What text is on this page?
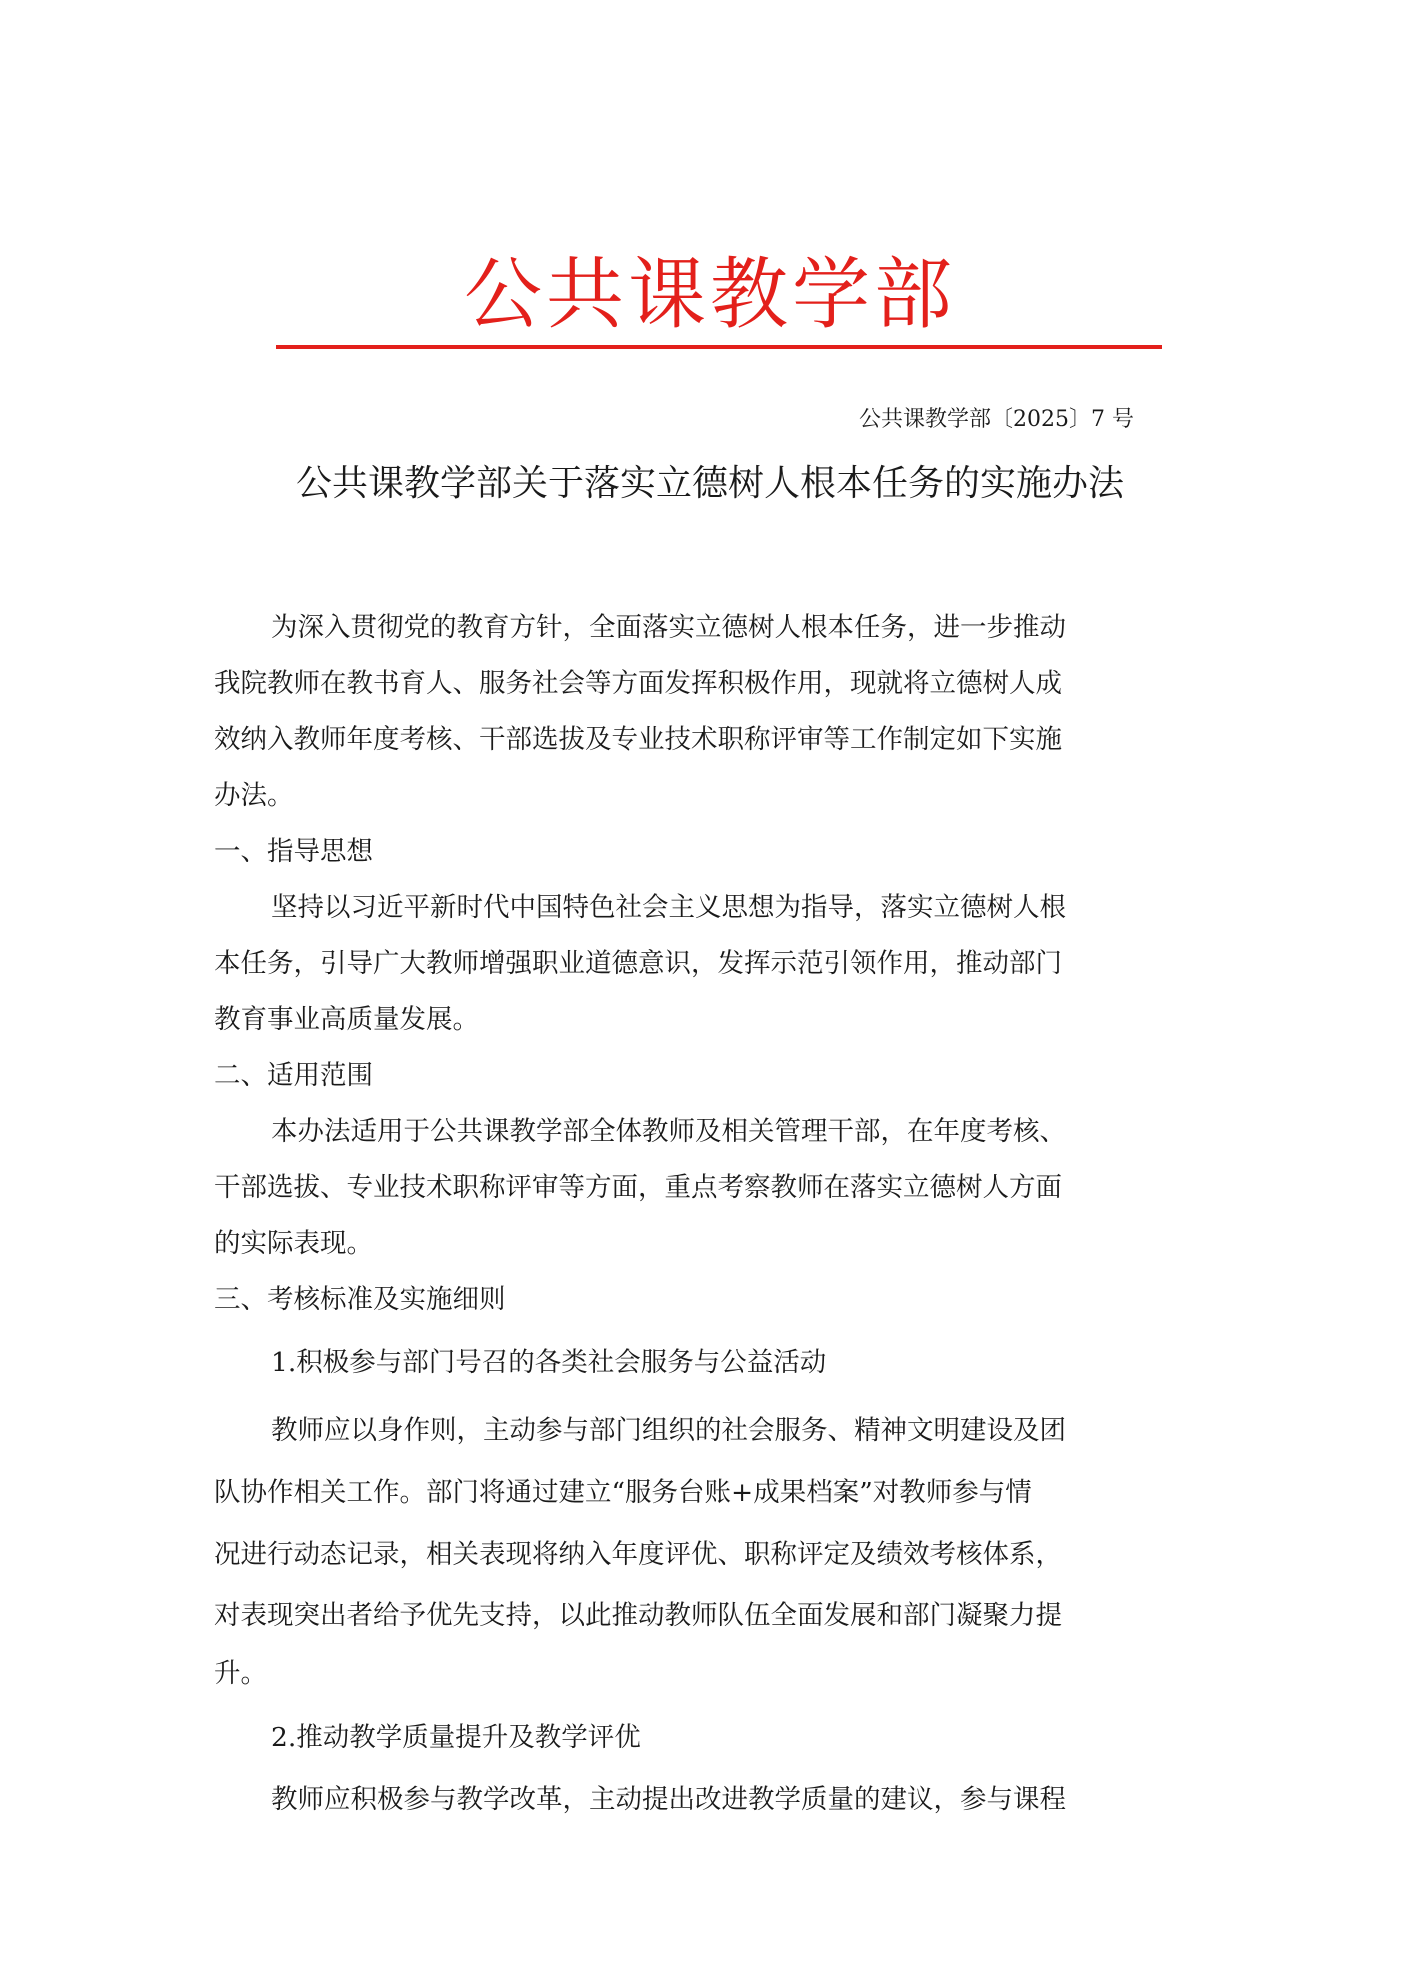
公共课教学部
公共课教学部〔2025〕7 号
公共课教学部关于落实立德树人根本任务的实施办法
为深入贯彻党的教育方针，全面落实立德树人根本任务，进一步推动
我院教师在教书育人、服务社会等方面发挥积极作用，现就将立德树人成
效纳入教师年度考核、干部选拔及专业技术职称评审等工作制定如下实施
办法。
一、指导思想
坚持以习近平新时代中国特色社会主义思想为指导，落实立德树人根
本任务，引导广大教师增强职业道德意识，发挥示范引领作用，推动部门
教育事业高质量发展。
二、适用范围
本办法适用于公共课教学部全体教师及相关管理干部，在年度考核、
干部选拔、专业技术职称评审等方面，重点考察教师在落实立德树人方面
的实际表现。
三、考核标准及实施细则
1.积极参与部门号召的各类社会服务与公益活动
教师应以身作则，主动参与部门组织的社会服务、精神文明建设及团
队协作相关工作。部门将通过建立“服务台账+成果档案”对教师参与情
况进行动态记录，相关表现将纳入年度评优、职称评定及绩效考核体系，
对表现突出者给予优先支持，以此推动教师队伍全面发展和部门凝聚力提
升。
2.推动教学质量提升及教学评优
教师应积极参与教学改革，主动提出改进教学质量的建议，参与课程
